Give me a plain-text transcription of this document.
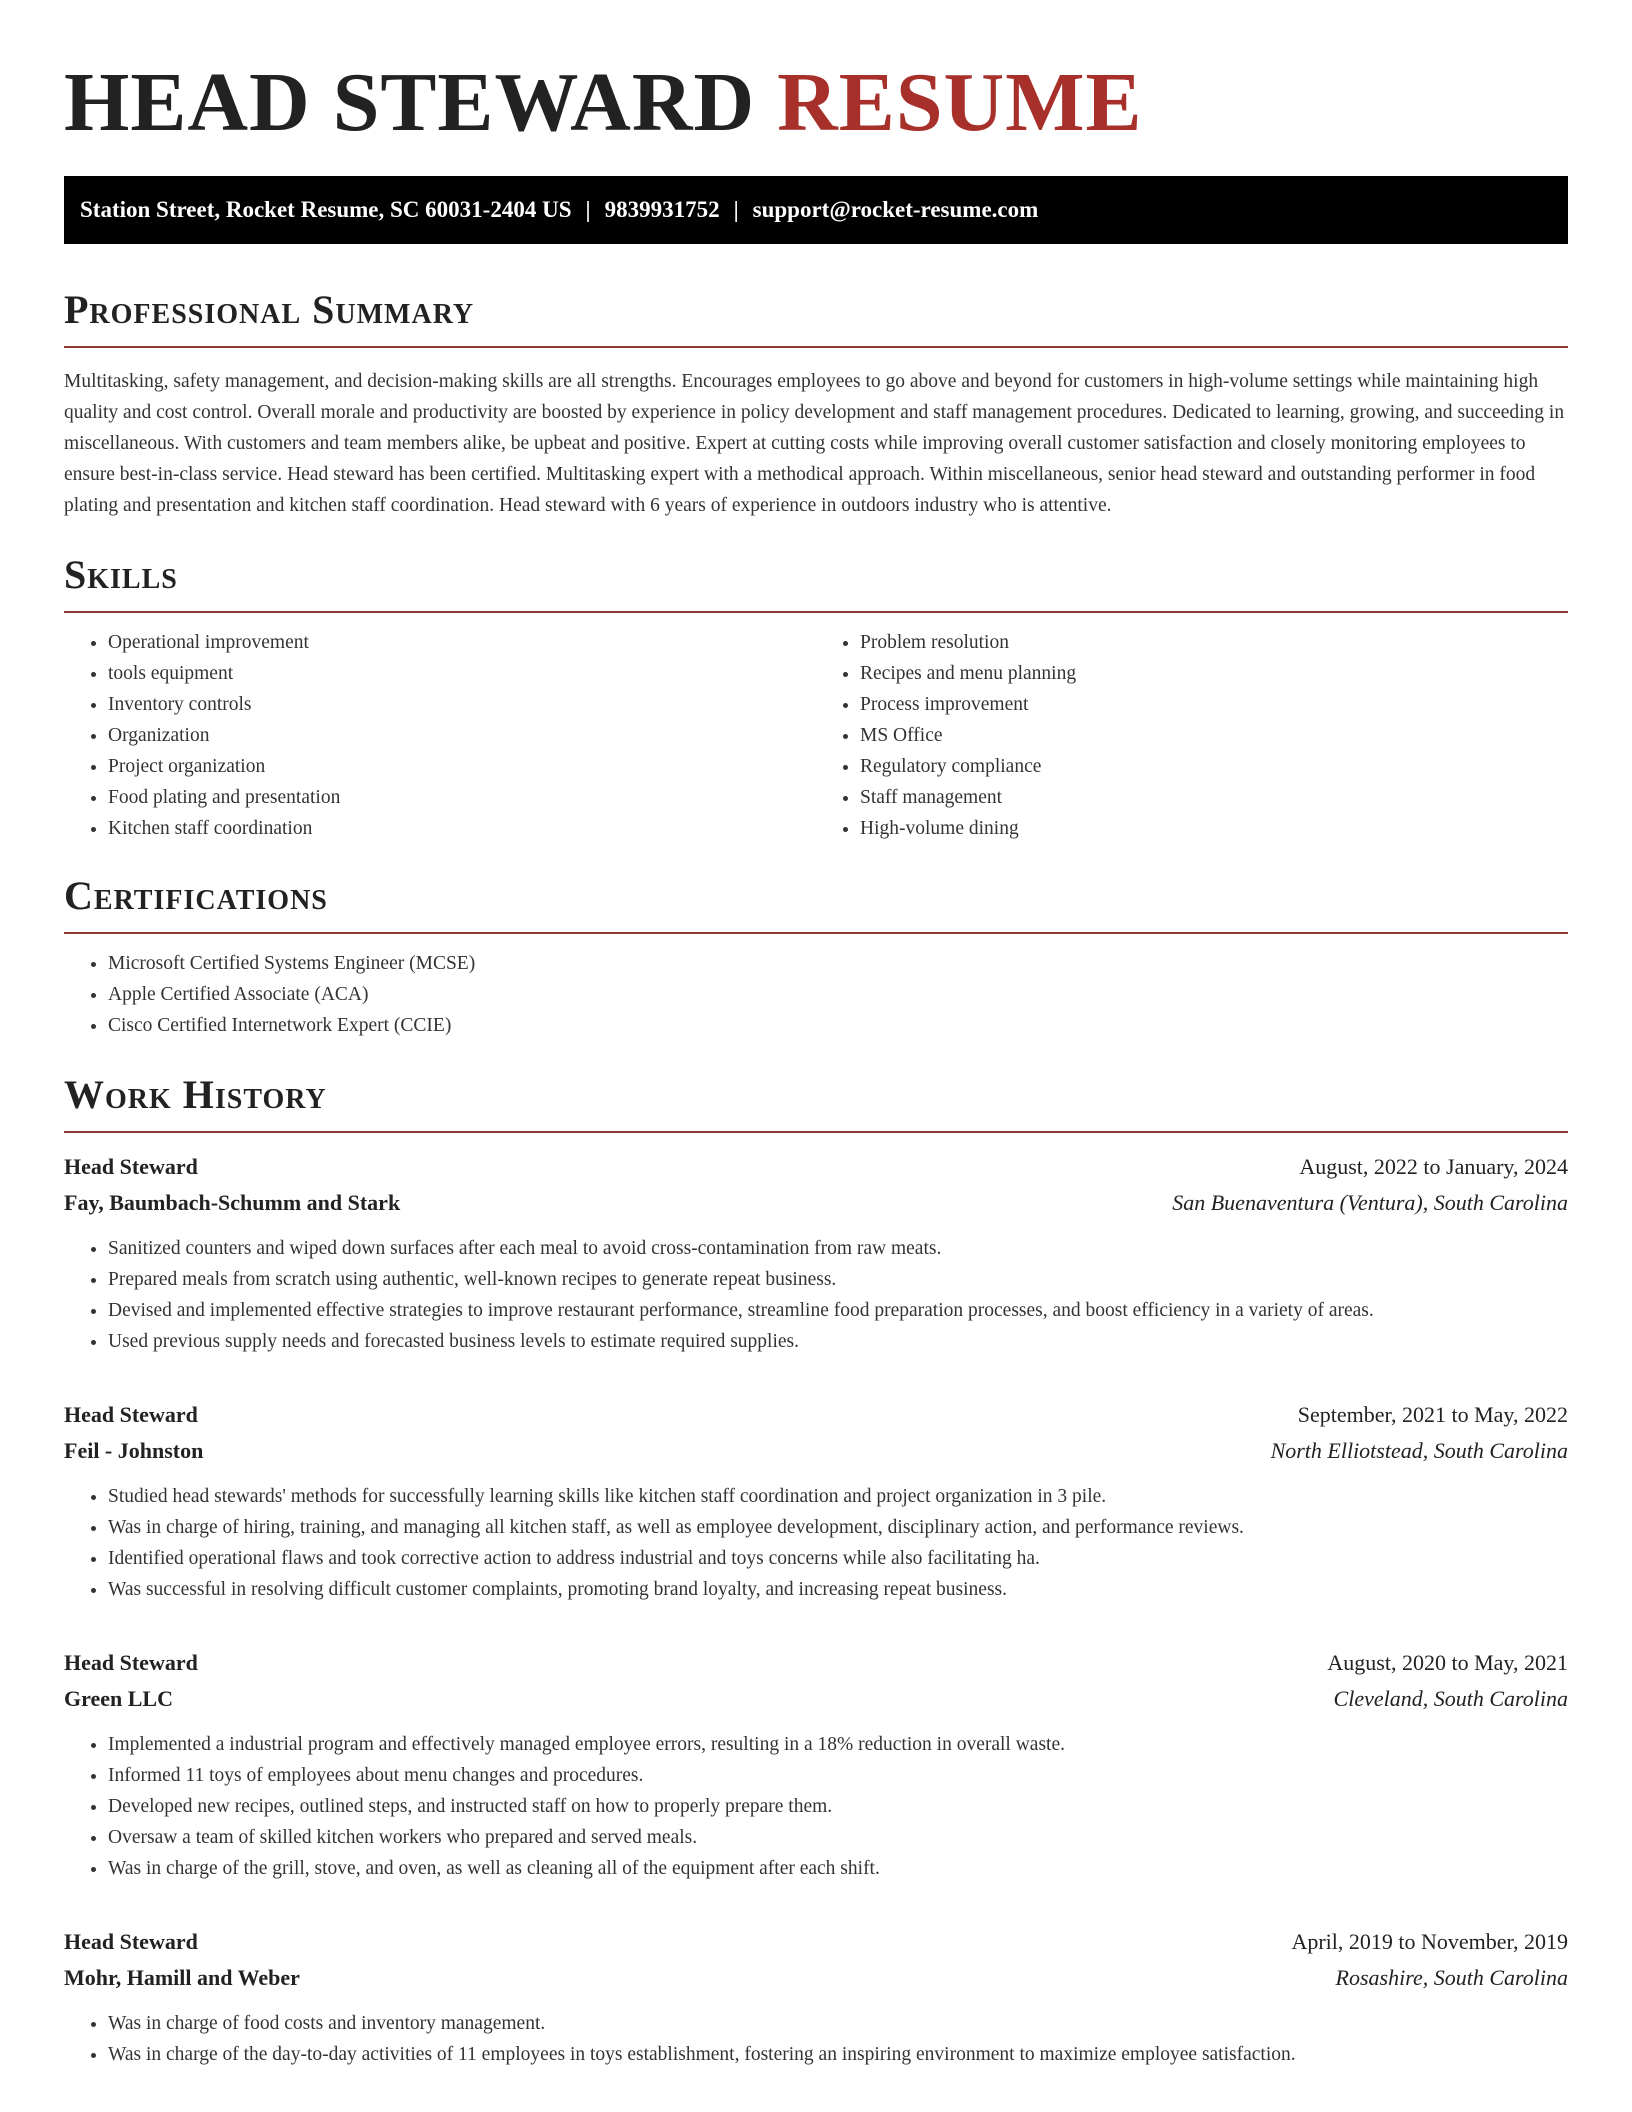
HEAD STEWARD RESUME
Station Street, Rocket Resume, SC 60031-2404 US | 9839931752 | support@rocket-resume.com
Professional Summary

Multitasking, safety management, and decision-making skills are all strengths. Encourages employees to go above and beyond for customers in high-volume settings while maintaining high quality and cost control. Overall morale and productivity are boosted by experience in policy development and staff management procedures. Dedicated to learning, growing, and succeeding in miscellaneous. With customers and team members alike, be upbeat and positive. Expert at cutting costs while improving overall customer satisfaction and closely monitoring employees to ensure best-in-class service. Head steward has been certified. Multitasking expert with a methodical approach. Within miscellaneous, senior head steward and outstanding performer in food plating and presentation and kitchen staff coordination. Head steward with 6 years of experience in outdoors industry who is attentive.

Skills
• Operational improvement
• tools equipment
• Inventory controls
• Organization
• Project organization
• Food plating and presentation
• Kitchen staff coordination
• Problem resolution
• Recipes and menu planning
• Process improvement
• MS Office
• Regulatory compliance
• Staff management
• High-volume dining
Certifications
• Microsoft Certified Systems Engineer (MCSE)
• Apple Certified Associate (ACA)
• Cisco Certified Internetwork Expert (CCIE)
Work History
Head Steward	August, 2022 to January, 2024
Fay, Baumbach-Schumm and Stark	San Buenaventura (Ventura), South Carolina
• Sanitized counters and wiped down surfaces after each meal to avoid cross-contamination from raw meats.
• Prepared meals from scratch using authentic, well-known recipes to generate repeat business.
• Devised and implemented effective strategies to improve restaurant performance, streamline food preparation processes, and boost efficiency in a variety of areas.
• Used previous supply needs and forecasted business levels to estimate required supplies.
Head Steward	September, 2021 to May, 2022
Feil - Johnston	North Elliotstead, South Carolina
• Studied head stewards' methods for successfully learning skills like kitchen staff coordination and project organization in 3 pile.
• Was in charge of hiring, training, and managing all kitchen staff, as well as employee development, disciplinary action, and performance reviews.
• Identified operational flaws and took corrective action to address industrial and toys concerns while also facilitating ha.
• Was successful in resolving difficult customer complaints, promoting brand loyalty, and increasing repeat business.
Head Steward	August, 2020 to May, 2021
Green LLC	Cleveland, South Carolina
• Implemented a industrial program and effectively managed employee errors, resulting in a 18% reduction in overall waste.
• Informed 11 toys of employees about menu changes and procedures.
• Developed new recipes, outlined steps, and instructed staff on how to properly prepare them.
• Oversaw a team of skilled kitchen workers who prepared and served meals.
• Was in charge of the grill, stove, and oven, as well as cleaning all of the equipment after each shift.
Head Steward	April, 2019 to November, 2019
Mohr, Hamill and Weber	Rosashire, South Carolina
• Was in charge of food costs and inventory management.
• Was in charge of the day-to-day activities of 11 employees in toys establishment, fostering an inspiring environment to maximize employee satisfaction.
